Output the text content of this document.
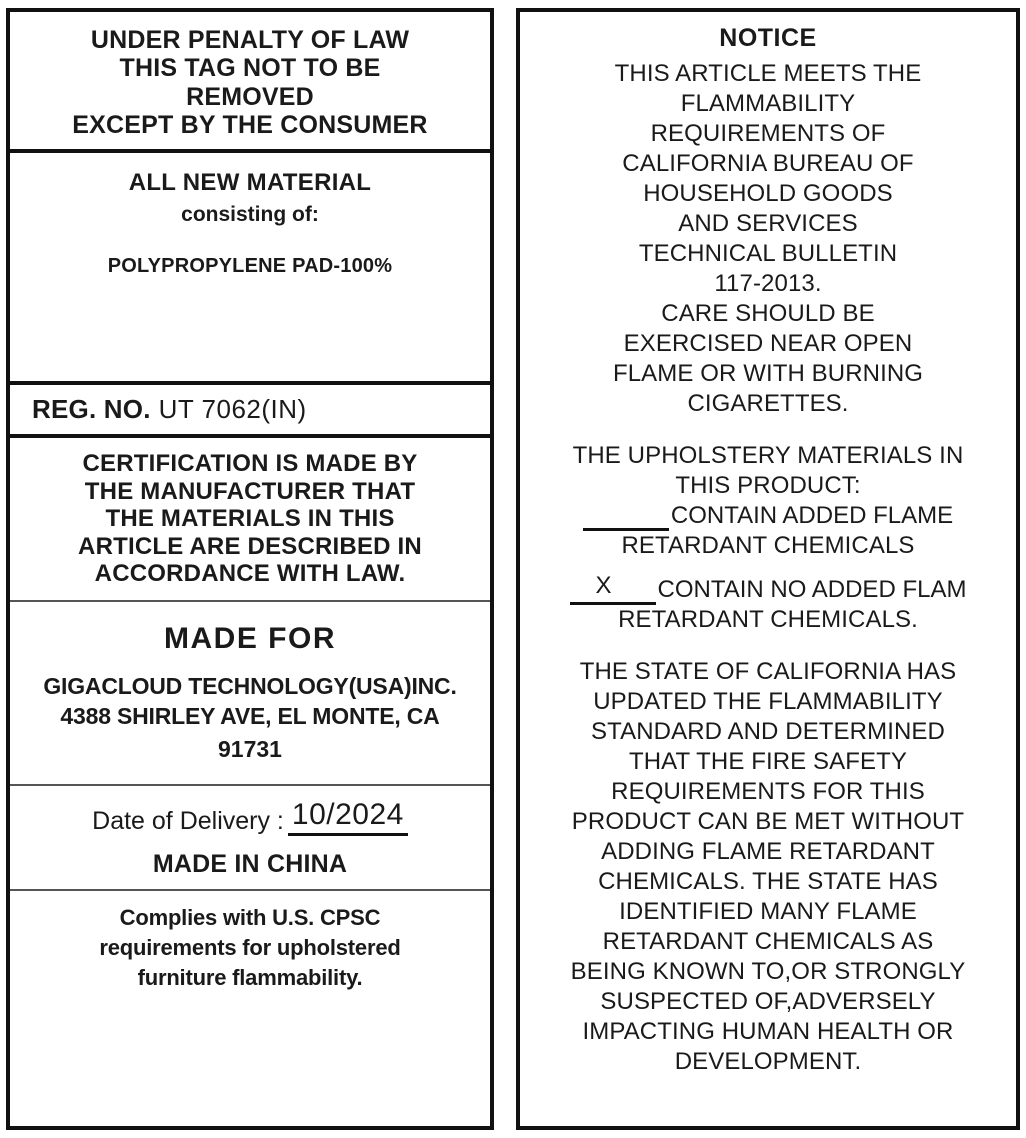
UNDER PENALTY OF LAW
THIS TAG NOT TO BE
REMOVED
EXCEPT BY THE CONSUMER
ALL NEW MATERIAL
consisting of:
POLYPROPYLENE PAD-100%
REG. NO. UT 7062(IN)
CERTIFICATION IS MADE BY
THE MANUFACTURER THAT
THE MATERIALS IN THIS
ARTICLE ARE DESCRIBED IN
ACCORDANCE WITH LAW.
MADE FOR
GIGACLOUD TECHNOLOGY(USA)INC.
4388 SHIRLEY AVE, EL MONTE, CA
91731
Date of Delivery : 10/2024
MADE IN CHINA
Complies with U.S. CPSC
requirements for upholstered
furniture flammability.
NOTICE
THIS ARTICLE MEETS THE
FLAMMABILITY
REQUIREMENTS OF
CALIFORNIA BUREAU OF
HOUSEHOLD GOODS
AND SERVICES
TECHNICAL BULLETIN
117-2013.
CARE SHOULD BE
EXERCISED NEAR OPEN
FLAME OR WITH BURNING
CIGARETTES.
THE UPHOLSTERY MATERIALS IN
THIS PRODUCT:
CONTAIN ADDED FLAME
RETARDANT CHEMICALS
X CONTAIN NO ADDED FLAM
RETARDANT CHEMICALS.
THE STATE OF CALIFORNIA HAS
UPDATED THE FLAMMABILITY
STANDARD AND DETERMINED
THAT THE FIRE SAFETY
REQUIREMENTS FOR THIS
PRODUCT CAN BE MET WITHOUT
ADDING FLAME RETARDANT
CHEMICALS. THE STATE HAS
IDENTIFIED MANY FLAME
RETARDANT CHEMICALS AS
BEING KNOWN TO,OR STRONGLY
SUSPECTED OF,ADVERSELY
IMPACTING HUMAN HEALTH OR
DEVELOPMENT.
